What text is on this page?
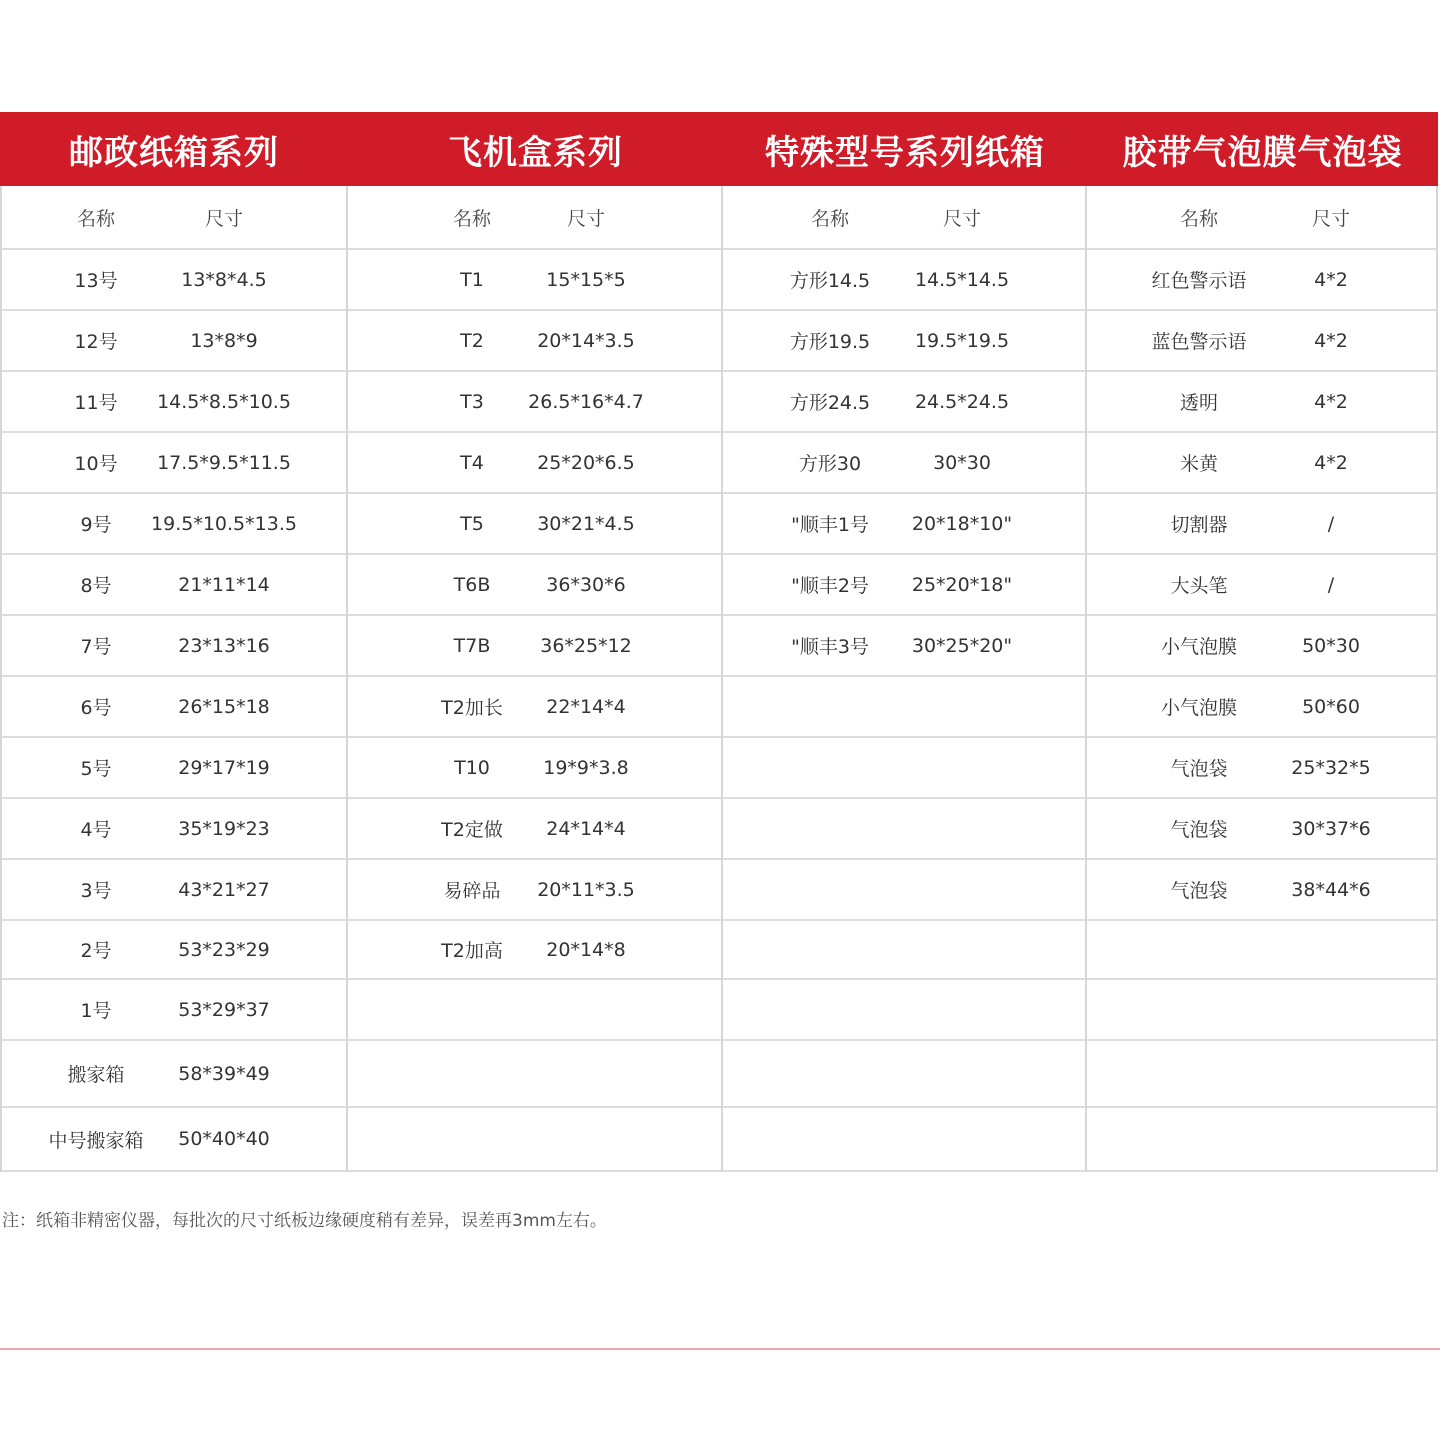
邮政纸箱系列	飞机盒系列	特殊型号系列纸箱	胶带气泡膜气泡袋
名称	尺寸
13号	13*8*4.5
12号	13*8*9
11号	14.5*8.5*10.5
10号	17.5*9.5*11.5
9号	19.5*10.5*13.5
8号	21*11*14
7号	23*13*16
6号	26*15*18
5号	29*17*19
4号	35*19*23
3号	43*21*27
2号	53*23*29
1号	53*29*37
搬家箱	58*39*49
中号搬家箱	50*40*40
名称	尺寸
T1	15*15*5
T2	20*14*3.5
T3	26.5*16*4.7
T4	25*20*6.5
T5	30*21*4.5
T6B	36*30*6
T7B	36*25*12
T2加长	22*14*4
T10	19*9*3.8
T2定做	24*14*4
易碎品	20*11*3.5
T2加高	20*14*8
名称	尺寸
方形14.5	14.5*14.5
方形19.5	19.5*19.5
方形24.5	24.5*24.5
方形30	30*30
"顺丰1号	20*18*10"
"顺丰2号	25*20*18"
"顺丰3号	30*25*20"
名称	尺寸
红色警示语	4*2
蓝色警示语	4*2
透明	4*2
米黄	4*2
切割器	/
大头笔	/
小气泡膜	50*30
小气泡膜	50*60
气泡袋	25*32*5
气泡袋	30*37*6
气泡袋	38*44*6
注：纸箱非精密仪器，每批次的尺寸纸板边缘硬度稍有差异，误差再3mm左右。
